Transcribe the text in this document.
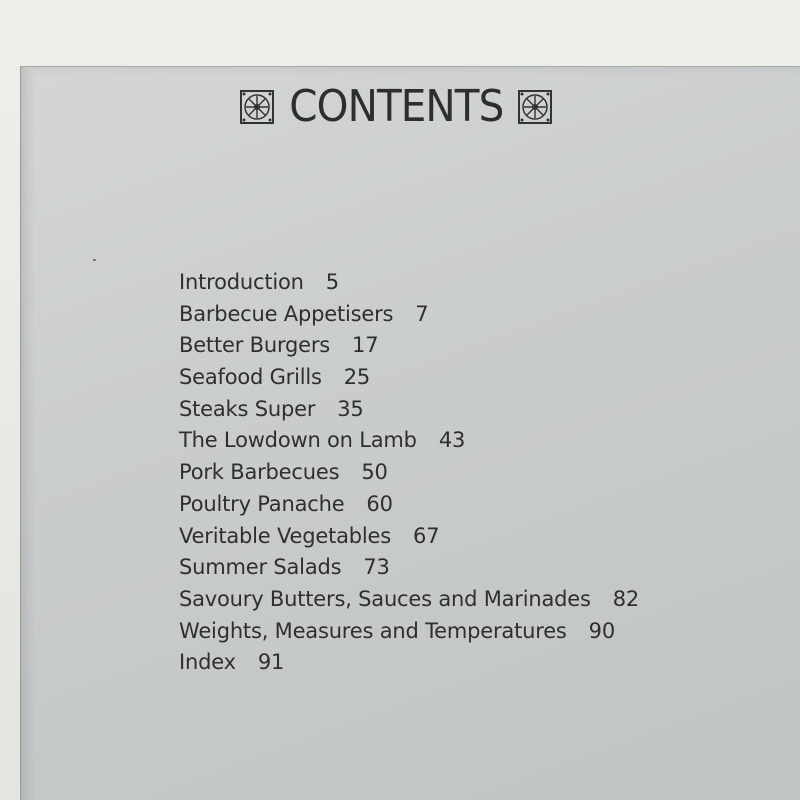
CONTENTS
Introduction 5
Barbecue Appetisers 7
Better Burgers 17
Seafood Grills 25
Steaks Super 35
The Lowdown on Lamb 43
Pork Barbecues 50
Poultry Panache 60
Veritable Vegetables 67
Summer Salads 73
Savoury Butters, Sauces and Marinades 82
Weights, Measures and Temperatures 90
Index 91
